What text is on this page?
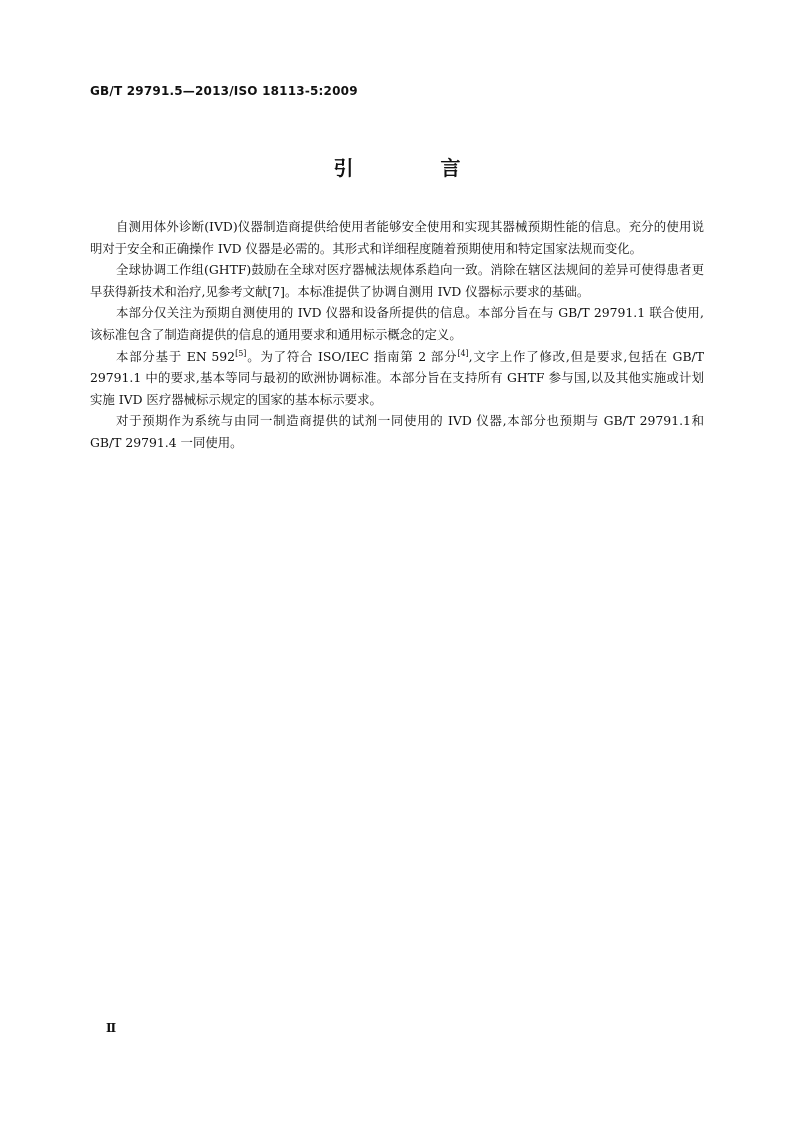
GB/T 29791.5—2013/ISO 18113-5:2009
引 言

自测用体外诊断(IVD)仪器制造商提供给使用者能够安全使用和实现其器械预期性能的信息。充分的使用说明对于安全和正确操作 IVD 仪器是必需的。其形式和详细程度随着预期使用和特定国家法规而变化。

全球协调工作组(GHTF)鼓励在全球对医疗器械法规体系趋向一致。消除在辖区法规间的差异可使得患者更早获得新技术和治疗,见参考文献[7]。本标准提供了协调自测用 IVD 仪器标示要求的基础。

本部分仅关注为预期自测使用的 IVD 仪器和设备所提供的信息。本部分旨在与 GB/T 29791.1 联合使用,该标准包含了制造商提供的信息的通用要求和通用标示概念的定义。

本部分基于 EN 592[5]。为了符合 ISO/IEC 指南第 2 部分[4],文字上作了修改,但是要求,包括在 GB/T 29791.1 中的要求,基本等同与最初的欧洲协调标准。本部分旨在支持所有 GHTF 参与国,以及其他实施或计划实施 IVD 医疗器械标示规定的国家的基本标示要求。

对于预期作为系统与由同一制造商提供的试剂一同使用的 IVD 仪器,本部分也预期与 GB/T 29791.1和 GB/T 29791.4 一同使用。

Ⅱ
